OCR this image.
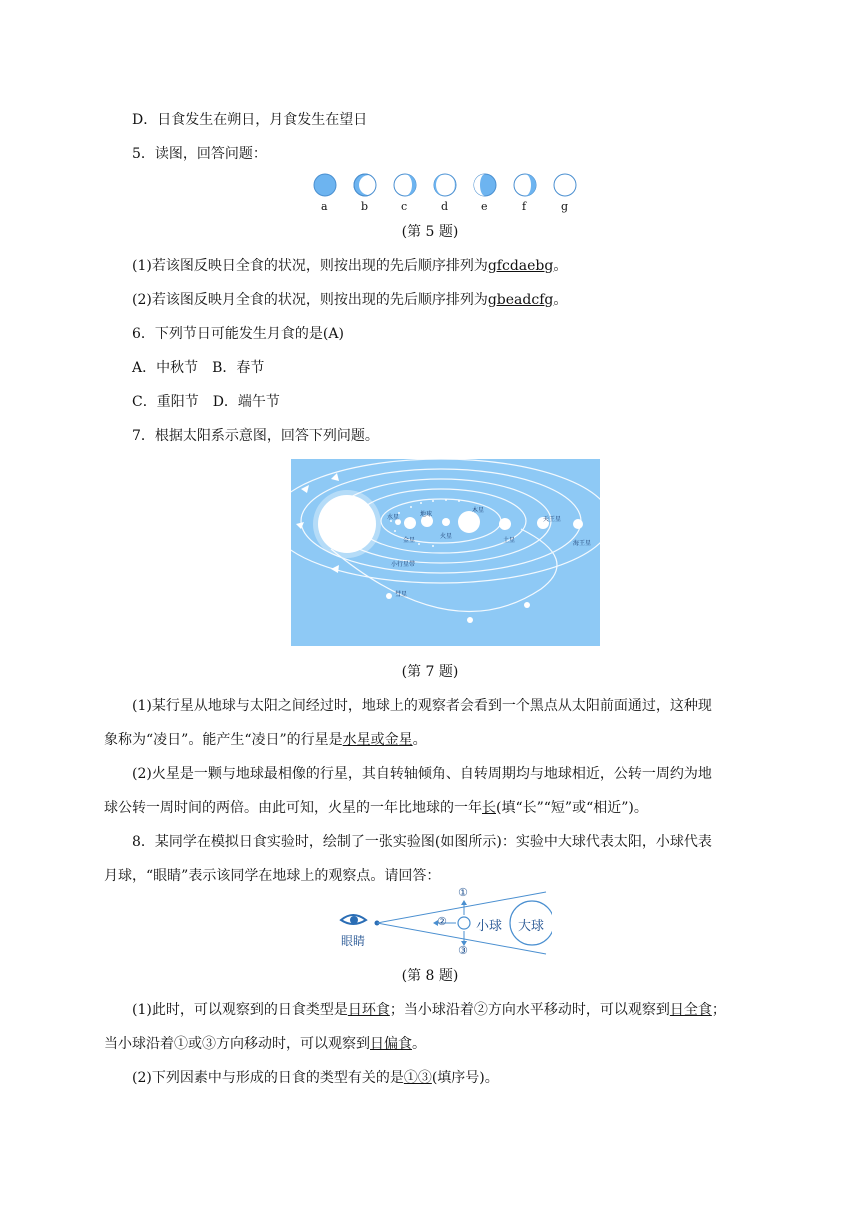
D．日食发生在朔日，月食发生在望日
5．读图，回答问题：
a	b	c	d	e	f	g
(第 5 题)
(1)若该图反映日全食的状况，则按出现的先后顺序排列为gfcdaebg。
(2)若该图反映月全食的状况，则按出现的先后顺序排列为gbeadcfg。
6．下列节日可能发生月食的是(A)
A．中秋节　B．春节
C．重阳节　D．端午节
7．根据太阳系示意图，回答下列问题。
水星	地球
金星
火星
木星
土星
天王星
海王星
小行星带
彗星
(第 7 题)
(1)某行星从地球与太阳之间经过时，地球上的观察者会看到一个黑点从太阳前面通过，这种现
象称为“凌日”。能产生“凌日”的行星是水星或金星。
(2)火星是一颗与地球最相像的行星，其自转轴倾角、自转周期均与地球相近，公转一周约为地
球公转一周时间的两倍。由此可知，火星的一年比地球的一年长(填“长”“短”或“相近”)。
8．某同学在模拟日食实验时，绘制了一张实验图(如图所示)：实验中大球代表太阳，小球代表
月球，“眼睛”表示该同学在地球上的观察点。请回答：
眼睛
小球 大球
①
②
③
(第 8 题)
(1)此时，可以观察到的日食类型是日环食；当小球沿着②方向水平移动时，可以观察到日全食；
当小球沿着①或③方向移动时，可以观察到日偏食。
(2)下列因素中与形成的日食的类型有关的是①③(填序号)。
